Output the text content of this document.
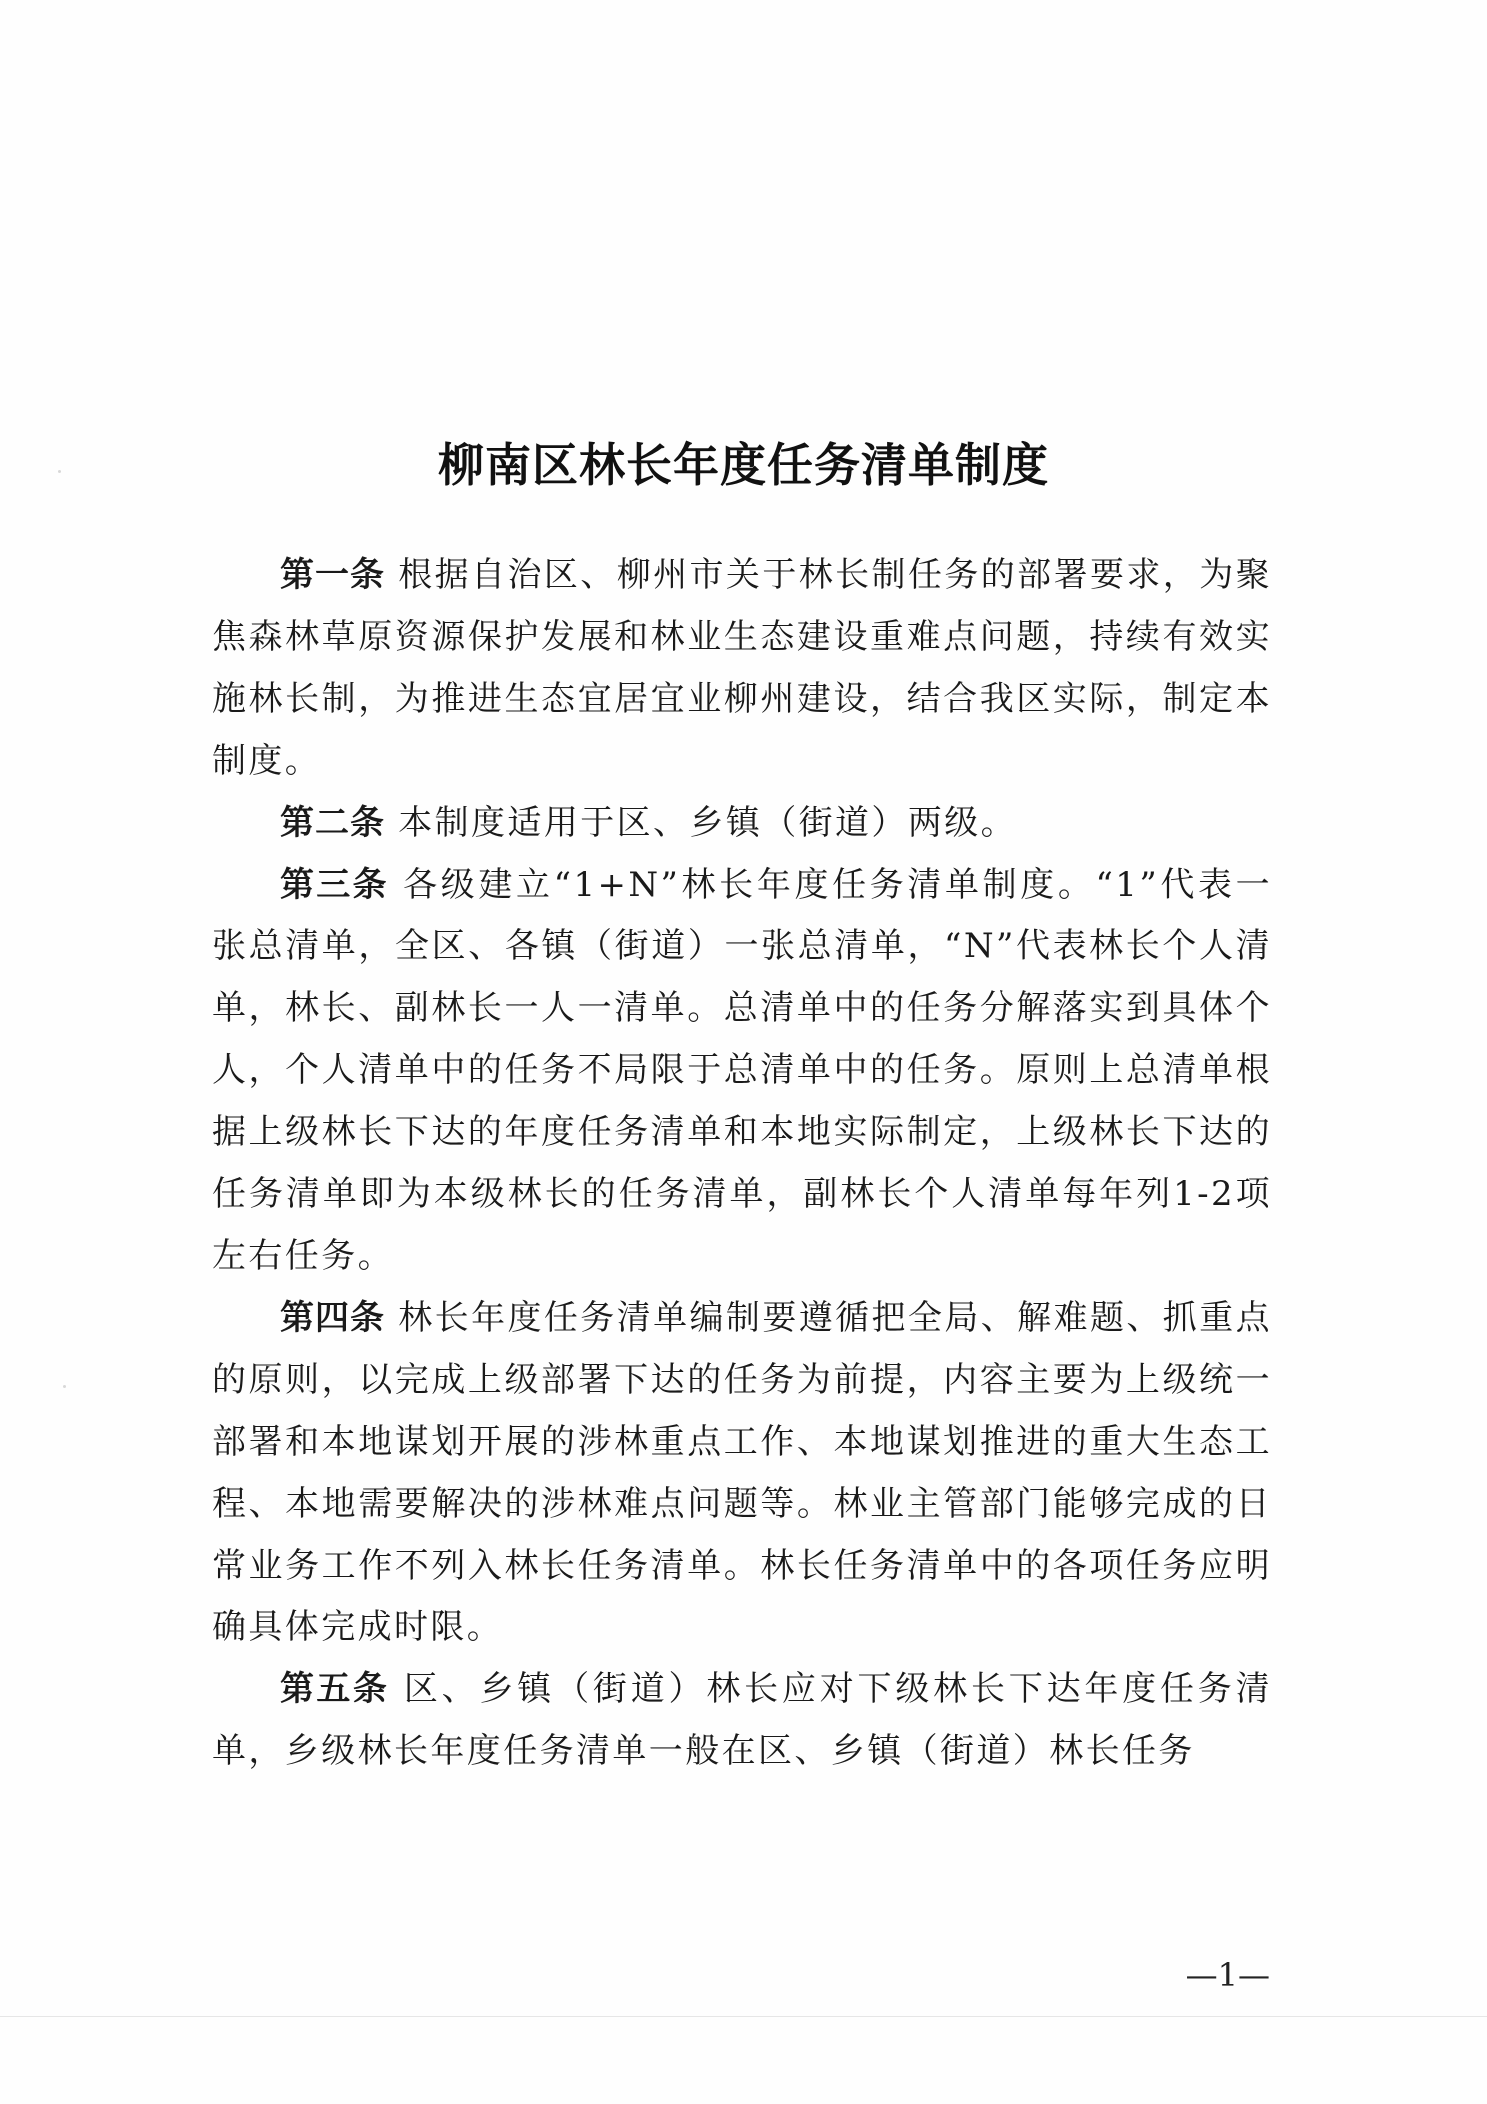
柳南区林长年度任务清单制度

第一条 根据自治区、柳州市关于林长制任务的部署要求，为聚焦森林草原资源保护发展和林业生态建设重难点问题，持续有效实施林长制，为推进生态宜居宜业柳州建设，结合我区实际，制定本制度。

第二条 本制度适用于区、乡镇（街道）两级。

第三条 各级建立“1+N”林长年度任务清单制度。“1”代表一张总清单，全区、各镇（街道）一张总清单，“N”代表林长个人清单，林长、副林长一人一清单。总清单中的任务分解落实到具体个人，个人清单中的任务不局限于总清单中的任务。原则上总清单根据上级林长下达的年度任务清单和本地实际制定，上级林长下达的任务清单即为本级林长的任务清单，副林长个人清单每年列1-2项左右任务。

第四条 林长年度任务清单编制要遵循把全局、解难题、抓重点的原则，以完成上级部署下达的任务为前提，内容主要为上级统一部署和本地谋划开展的涉林重点工作、本地谋划推进的重大生态工程、本地需要解决的涉林难点问题等。林业主管部门能够完成的日常业务工作不列入林长任务清单。林长任务清单中的各项任务应明确具体完成时限。

第五条 区、乡镇（街道）林长应对下级林长下达年度任务清单，乡级林长年度任务清单一般在区、乡镇（街道）林长任务

—1—
